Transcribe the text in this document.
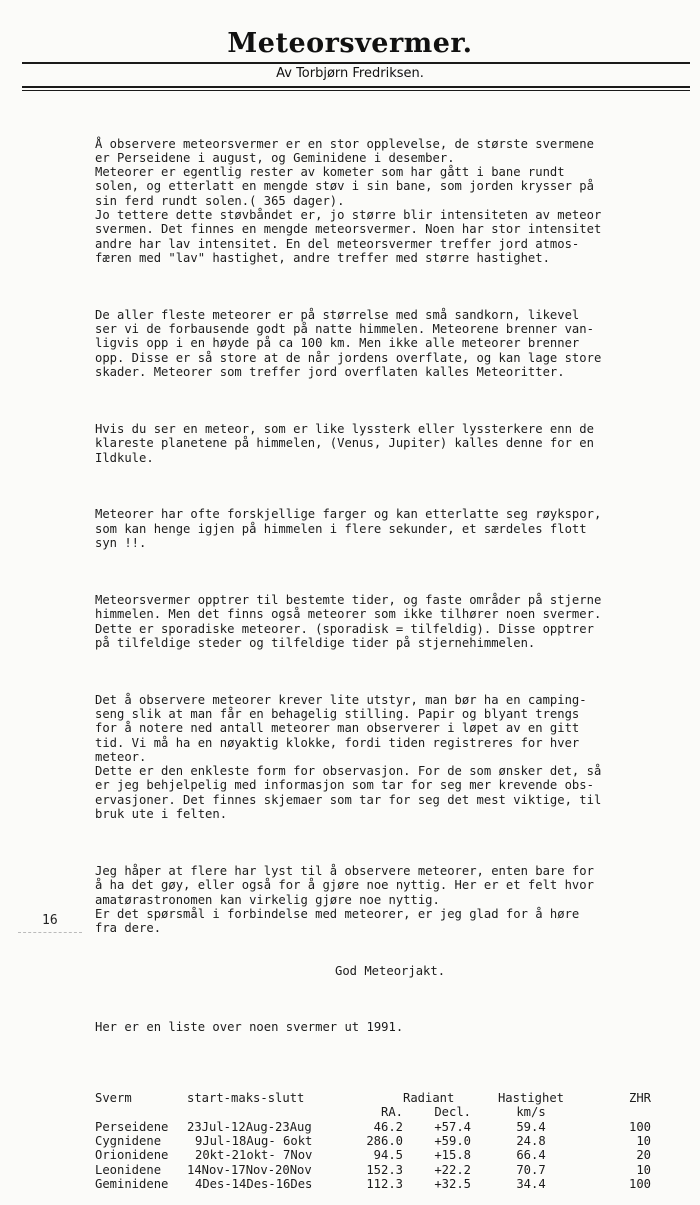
Meteorsvermer.
Av Torbjørn Fredriksen.

Å observere meteorsvermer er en stor opplevelse, de største svermene
er Perseidene i august, og Geminidene i desember.
Meteorer er egentlig rester av kometer som har gått i bane rundt
solen, og etterlatt en mengde støv i sin bane, som jorden krysser på
sin ferd rundt solen.( 365 dager).
Jo tettere dette støvbåndet er, jo større blir intensiteten av meteor
svermen. Det finnes en mengde meteorsvermer. Noen har stor intensitet
andre har lav intensitet. En del meteorsvermer treffer jord atmos-
færen med "lav" hastighet, andre treffer med større hastighet.

De aller fleste meteorer er på størrelse med små sandkorn, likevel
ser vi de forbausende godt på natte himmelen. Meteorene brenner van-
ligvis opp i en høyde på ca 100 km. Men ikke alle meteorer brenner
opp. Disse er så store at de når jordens overflate, og kan lage store
skader. Meteorer som treffer jord overflaten kalles Meteoritter.

Hvis du ser en meteor, som er like lyssterk eller lyssterkere enn de
klareste planetene på himmelen, (Venus, Jupiter) kalles denne for en
Ildkule.

Meteorer har ofte forskjellige farger og kan etterlatte seg røykspor,
som kan henge igjen på himmelen i flere sekunder, et særdeles flott
syn !!.

Meteorsvermer opptrer til bestemte tider, og faste områder på stjerne
himmelen. Men det finns også meteorer som ikke tilhører noen svermer.
Dette er sporadiske meteorer. (sporadisk = tilfeldig). Disse opptrer
på tilfeldige steder og tilfeldige tider på stjernehimmelen.

Det å observere meteorer krever lite utstyr, man bør ha en camping-
seng slik at man får en behagelig stilling. Papir og blyant trengs
for å notere ned antall meteorer man observerer i løpet av en gitt
tid. Vi må ha en nøyaktig klokke, fordi tiden registreres for hver
meteor.
Dette er den enkleste form for observasjon. For de som ønsker det, så
er jeg behjelpelig med informasjon som tar for seg mer krevende obs-
ervasjoner. Det finnes skjemaer som tar for seg det mest viktige, til
bruk ute i felten.

Jeg håper at flere har lyst til å observere meteorer, enten bare for
å ha det gøy, eller også for å gjøre noe nyttig. Her er et felt hvor
amatørastronomen kan virkelig gjøre noe nyttig.
Er det spørsmål i forbindelse med meteorer, er jeg glad for å høre
fra dere.

God Meteorjakt.

Her er en liste over noen svermer ut 1991.

Sverm	start-maks-slutt		Radiant	Hastighet	ZHR
		RA.	Decl.	km/s	
Perseidene	23Jul-12Aug-23Aug	46.2	+57.4	59.4	100
Cygnidene	9Jul-18Aug- 6okt	286.0	+59.0	24.8	10
Orionidene	20kt-21okt- 7Nov	94.5	+15.8	66.4	20
Leonidene	14Nov-17Nov-20Nov	152.3	+22.2	70.7	10
Geminidene	4Des-14Des-16Des	112.3	+32.5	34.4	100

16
